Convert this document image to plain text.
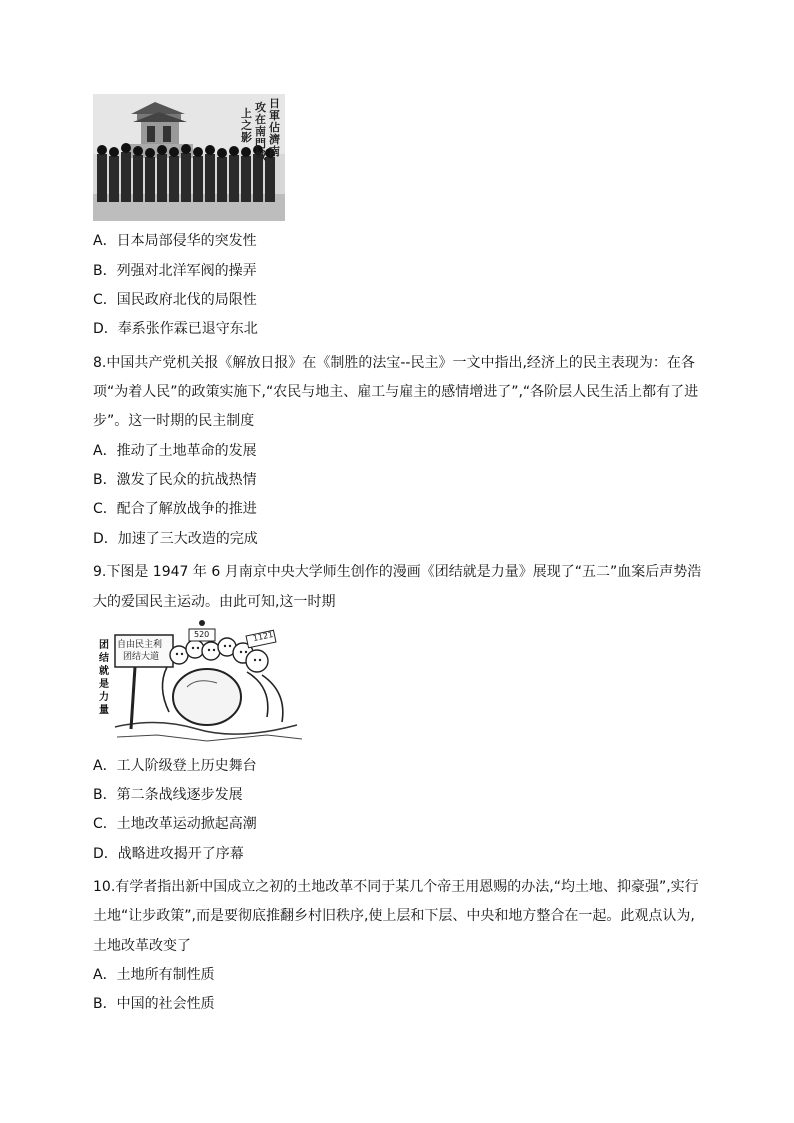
日軍佔濟南
攻在南門城
上之影
A．日本局部侵华的突发性
B．列强对北洋军阀的操弄
C．国民政府北伐的局限性
D．奉系张作霖已退守东北
8.中国共产党机关报《解放日报》在《制胜的法宝--民主》一文中指出,经济上的民主表现为：在各
项“为着人民”的政策实施下,“农民与地主、雇工与雇主的感情增进了”,“各阶层人民生活上都有了进
步”。这一时期的民主制度
A．推动了土地革命的发展
B．激发了民众的抗战热情
C．配合了解放战争的推进
D．加速了三大改造的完成
9.下图是 1947 年 6 月南京中央大学师生创作的漫画《团结就是力量》展现了“五二”血案后声势浩
大的爱国民主运动。由此可知,这一时期
团结就是力量
自由民主利
团结大道
520	1121
A．工人阶级登上历史舞台
B．第二条战线逐步发展
C．土地改革运动掀起高潮
D．战略进攻揭开了序幕
10.有学者指出新中国成立之初的土地改革不同于某几个帝王用恩赐的办法,“均土地、抑豪强”,实行
土地“让步政策”,而是要彻底推翻乡村旧秩序,使上层和下层、中央和地方整合在一起。此观点认为,
土地改革改变了
A．土地所有制性质
B．中国的社会性质
